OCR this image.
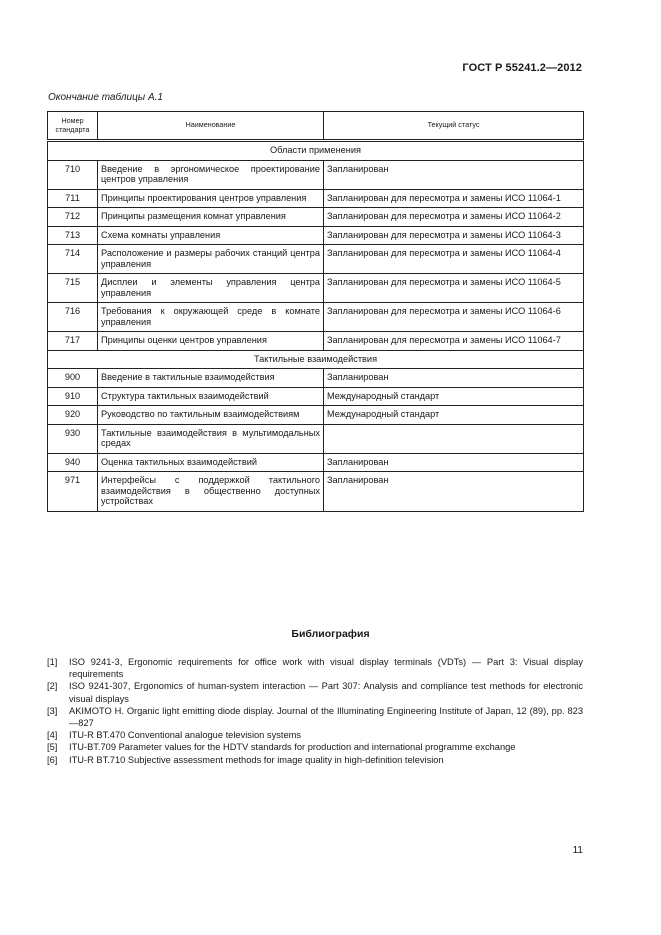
ГОСТ Р 55241.2—2012
Окончание таблицы А.1
Номер стандарта	Наименование	Текущий статус
Области применения		
710	Введение в эргономическое проектирование центров управления	Запланирован
711	Принципы проектирования центров управления	Запланирован для пересмотра и замены ИСО 11064-1
712	Принципы размещения комнат управления	Запланирован для пересмотра и замены ИСО 11064-2
713	Схема комнаты управления	Запланирован для пересмотра и замены ИСО 11064-3
714	Расположение и размеры рабочих станций центра управления	Запланирован для пересмотра и замены ИСО 11064-4
715	Дисплеи и элементы управления центра управления	Запланирован для пересмотра и замены ИСО 11064-5
716	Требования к окружающей среде в комнате управления	Запланирован для пересмотра и замены ИСО 11064-6
717	Принципы оценки центров управления	Запланирован для пересмотра и замены ИСО 11064-7
Тактильные взаимодействия		
900	Введение в тактильные взаимодействия	Запланирован
910	Структура тактильных взаимодействий	Международный стандарт
920	Руководство по тактильным взаимодействиям	Международный стандарт
930	Тактильные взаимодействия в мультимодальных средах	
940	Оценка тактильных взаимодействий	Запланирован
971	Интерфейсы с поддержкой тактильного взаимодействия в общественно доступных устройствах	Запланирован
Библиография
[1]	ISO 9241-3, Ergonomic requirements for office work with visual display terminals (VDTs) — Part 3: Visual display requirements
[2]	ISO 9241-307, Ergonomics of human-system interaction — Part 307: Analysis and compliance test methods for electronic visual displays
[3]	AKIMOTO H. Organic light emitting diode display. Journal of the Illuminating Engineering Institute of Japan, 12 (89), pp. 823—827
[4]	ITU-R BT.470 Conventional analogue television systems
[5]	ITU-BT.709 Parameter values for the HDTV standards for production and international programme exchange
[6]	ITU-R BT.710 Subjective assessment methods for image quality in high-definition television
11
